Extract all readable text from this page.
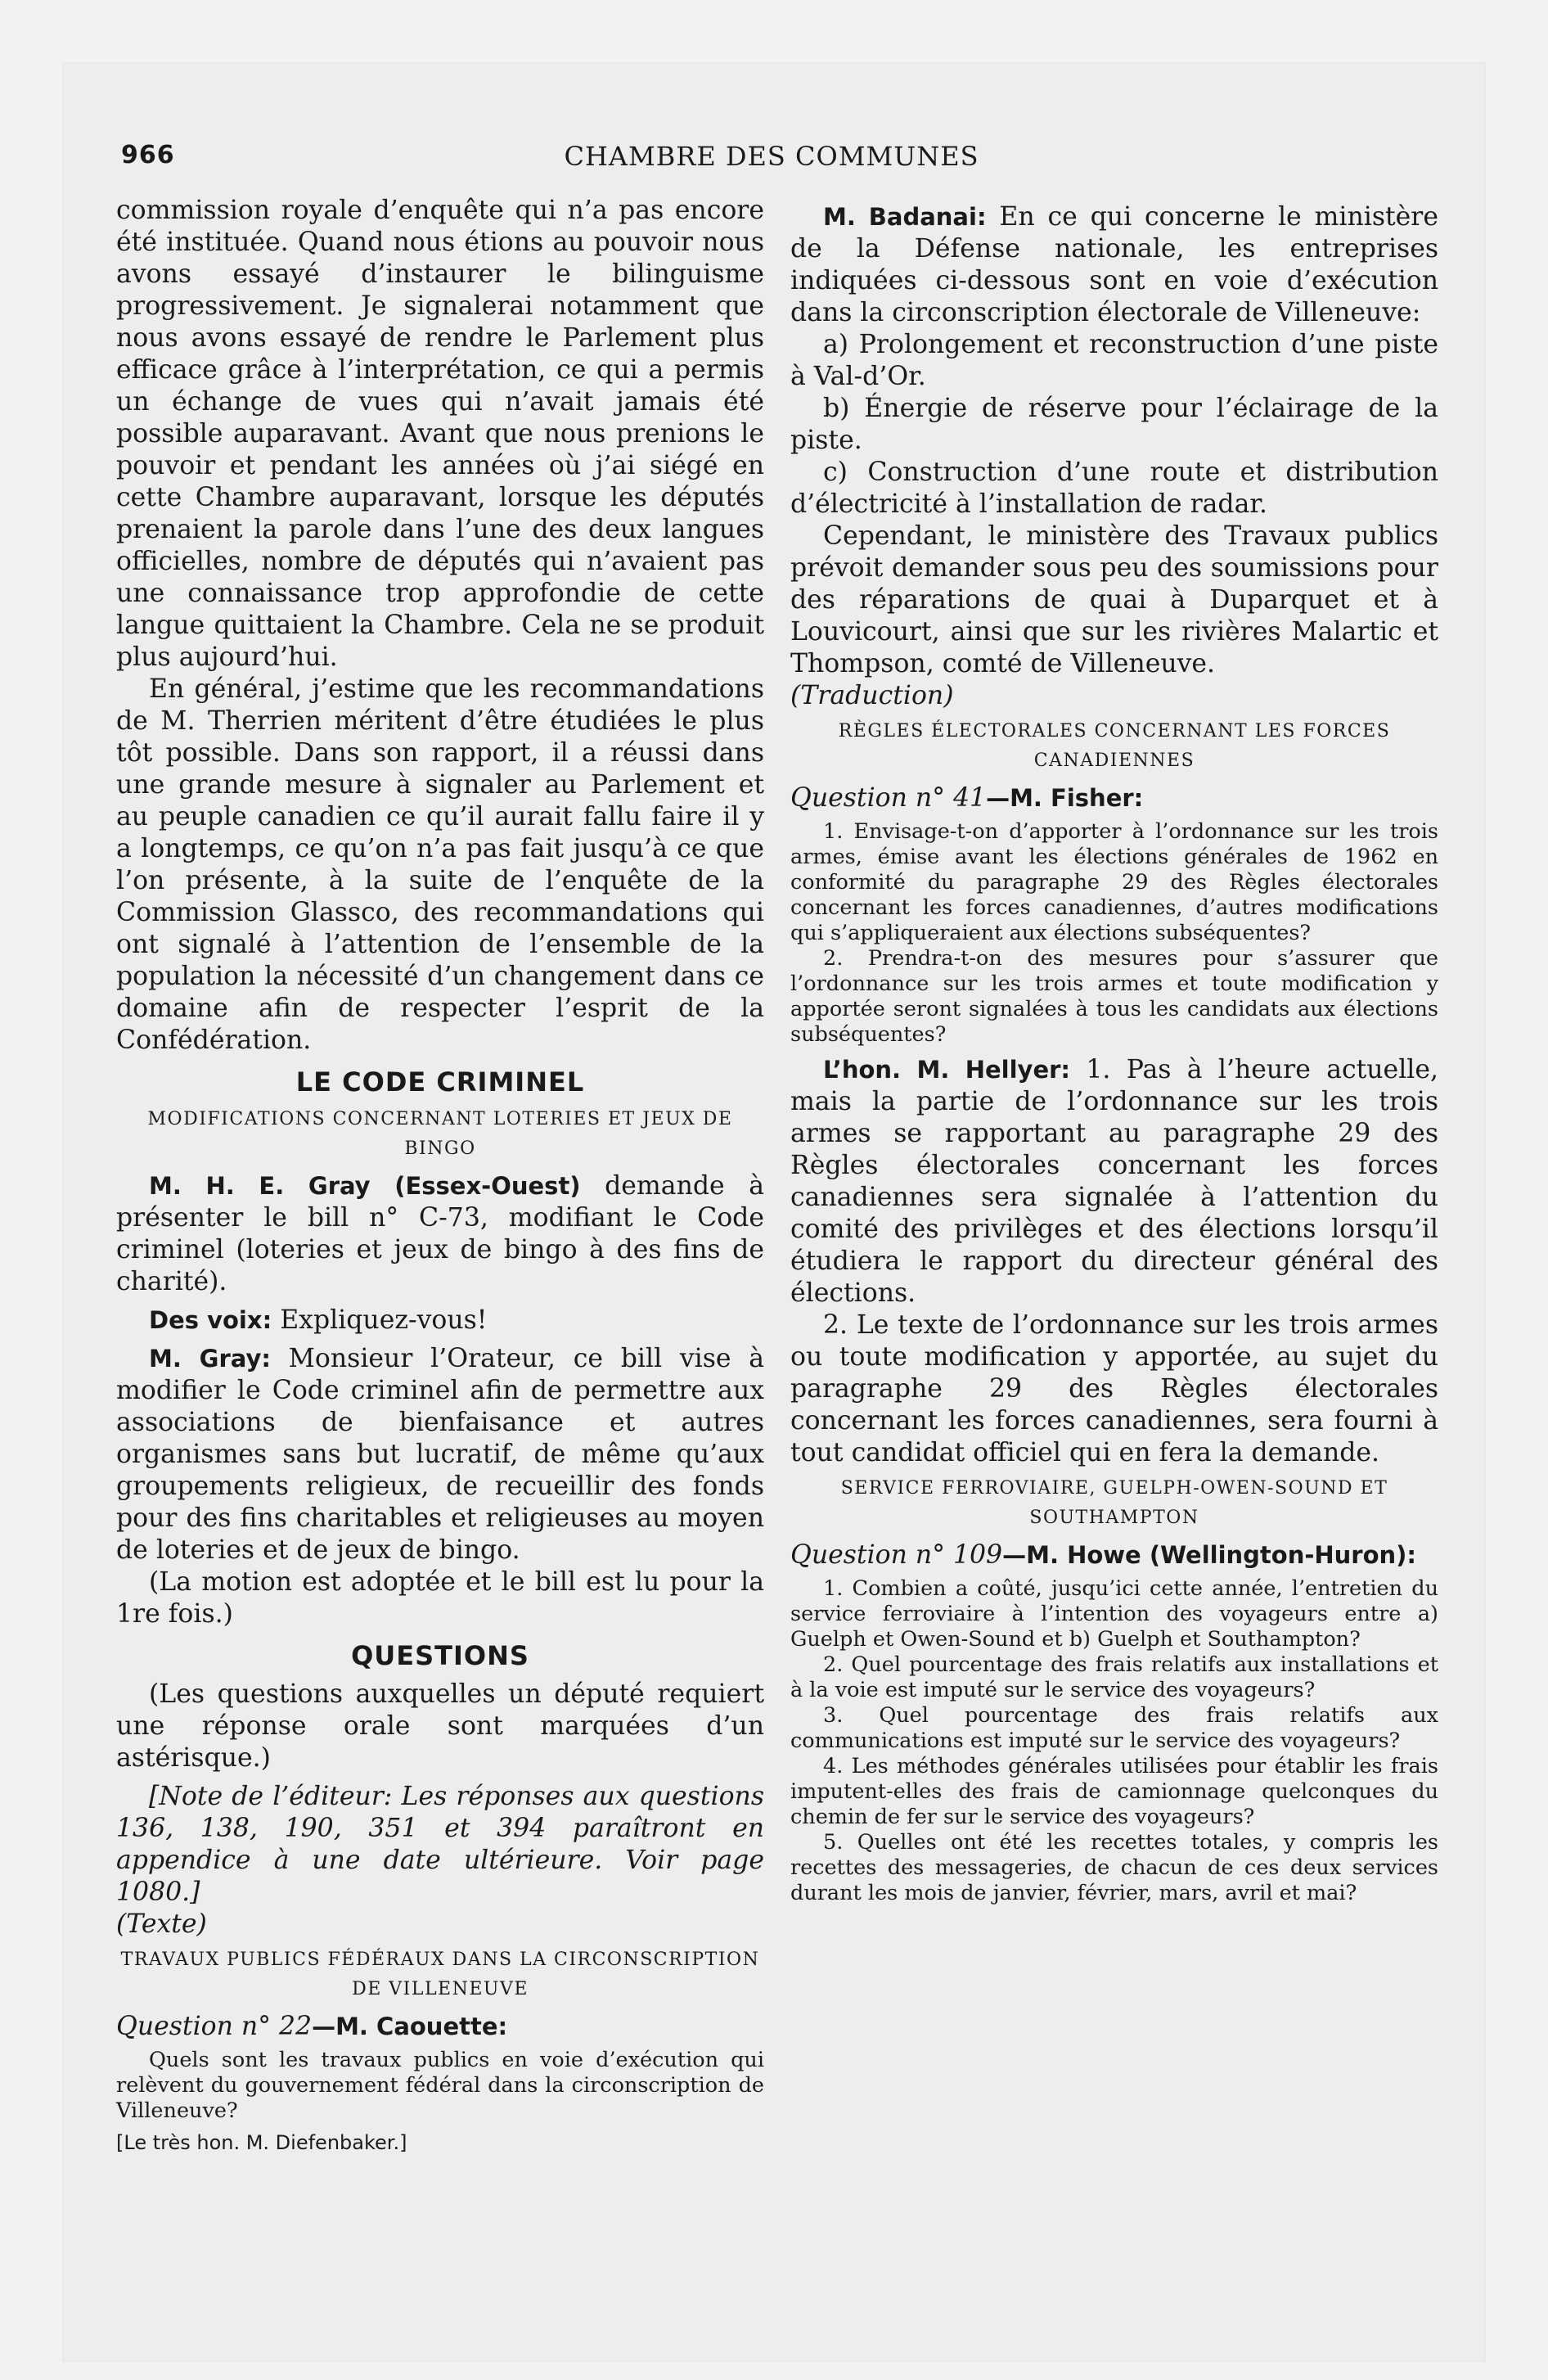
966	CHAMBRE DES COMMUNES

commission royale d’enquête qui n’a pas encore été instituée. Quand nous étions au pouvoir nous avons essayé d’instaurer le bilinguisme progressivement. Je signalerai notamment que nous avons essayé de rendre le Parlement plus efficace grâce à l’interprétation, ce qui a permis un échange de vues qui n’avait jamais été possible auparavant. Avant que nous prenions le pouvoir et pendant les années où j’ai siégé en cette Chambre auparavant, lorsque les députés prenaient la parole dans l’une des deux langues officielles, nombre de députés qui n’avaient pas une connaissance trop approfondie de cette langue quittaient la Chambre. Cela ne se produit plus aujourd’hui.

En général, j’estime que les recommandations de M. Therrien méritent d’être étudiées le plus tôt possible. Dans son rapport, il a réussi dans une grande mesure à signaler au Parlement et au peuple canadien ce qu’il aurait fallu faire il y a longtemps, ce qu’on n’a pas fait jusqu’à ce que l’on présente, à la suite de l’enquête de la Commission Glassco, des recommandations qui ont signalé à l’attention de l’ensemble de la population la nécessité d’un changement dans ce domaine afin de respecter l’esprit de la Confédération.

LE CODE CRIMINEL
MODIFICATIONS CONCERNANT LOTERIES ET JEUX DE BINGO

M. H. E. Gray (Essex-Ouest) demande à présenter le bill n° C-73, modifiant le Code criminel (loteries et jeux de bingo à des fins de charité).

Des voix: Expliquez-vous!

M. Gray: Monsieur l’Orateur, ce bill vise à modifier le Code criminel afin de permettre aux associations de bienfaisance et autres organismes sans but lucratif, de même qu’aux groupements religieux, de recueillir des fonds pour des fins charitables et religieuses au moyen de loteries et de jeux de bingo.

(La motion est adoptée et le bill est lu pour la 1re fois.)

QUESTIONS

(Les questions auxquelles un député requiert une réponse orale sont marquées d’un astérisque.)

[Note de l’éditeur: Les réponses aux questions 136, 138, 190, 351 et 394 paraîtront en appendice à une date ultérieure. Voir page 1080.]

(Texte)

TRAVAUX PUBLICS FÉDÉRAUX DANS LA CIRCONSCRIPTION DE VILLENEUVE

Question n° 22—M. Caouette:

Quels sont les travaux publics en voie d’exécution qui relèvent du gouvernement fédéral dans la circonscription de Villeneuve?

[Le très hon. M. Diefenbaker.]

M. Badanai: En ce qui concerne le ministère de la Défense nationale, les entreprises indiquées ci-dessous sont en voie d’exécution dans la circonscription électorale de Villeneuve:

a) Prolongement et reconstruction d’une piste à Val-d’Or.

b) Énergie de réserve pour l’éclairage de la piste.

c) Construction d’une route et distribution d’électricité à l’installation de radar.

Cependant, le ministère des Travaux publics prévoit demander sous peu des soumissions pour des réparations de quai à Duparquet et à Louvicourt, ainsi que sur les rivières Malartic et Thompson, comté de Villeneuve.

(Traduction)

RÈGLES ÉLECTORALES CONCERNANT LES FORCES CANADIENNES

Question n° 41—M. Fisher:

1. Envisage-t-on d’apporter à l’ordonnance sur les trois armes, émise avant les élections générales de 1962 en conformité du paragraphe 29 des Règles électorales concernant les forces canadiennes, d’autres modifications qui s’appliqueraient aux élections subséquentes?

2. Prendra-t-on des mesures pour s’assurer que l’ordonnance sur les trois armes et toute modification y apportée seront signalées à tous les candidats aux élections subséquentes?

L’hon. M. Hellyer: 1. Pas à l’heure actuelle, mais la partie de l’ordonnance sur les trois armes se rapportant au paragraphe 29 des Règles électorales concernant les forces canadiennes sera signalée à l’attention du comité des privilèges et des élections lorsqu’il étudiera le rapport du directeur général des élections.

2. Le texte de l’ordonnance sur les trois armes ou toute modification y apportée, au sujet du paragraphe 29 des Règles électorales concernant les forces canadiennes, sera fourni à tout candidat officiel qui en fera la demande.

SERVICE FERROVIAIRE, GUELPH-OWEN-SOUND ET SOUTHAMPTON

Question n° 109—M. Howe (Wellington-Huron):

1. Combien a coûté, jusqu’ici cette année, l’entretien du service ferroviaire à l’intention des voyageurs entre a) Guelph et Owen-Sound et b) Guelph et Southampton?

2. Quel pourcentage des frais relatifs aux installations et à la voie est imputé sur le service des voyageurs?

3. Quel pourcentage des frais relatifs aux communications est imputé sur le service des voyageurs?

4. Les méthodes générales utilisées pour établir les frais imputent-elles des frais de camionnage quelconques du chemin de fer sur le service des voyageurs?

5. Quelles ont été les recettes totales, y compris les recettes des messageries, de chacun de ces deux services durant les mois de janvier, février, mars, avril et mai?
